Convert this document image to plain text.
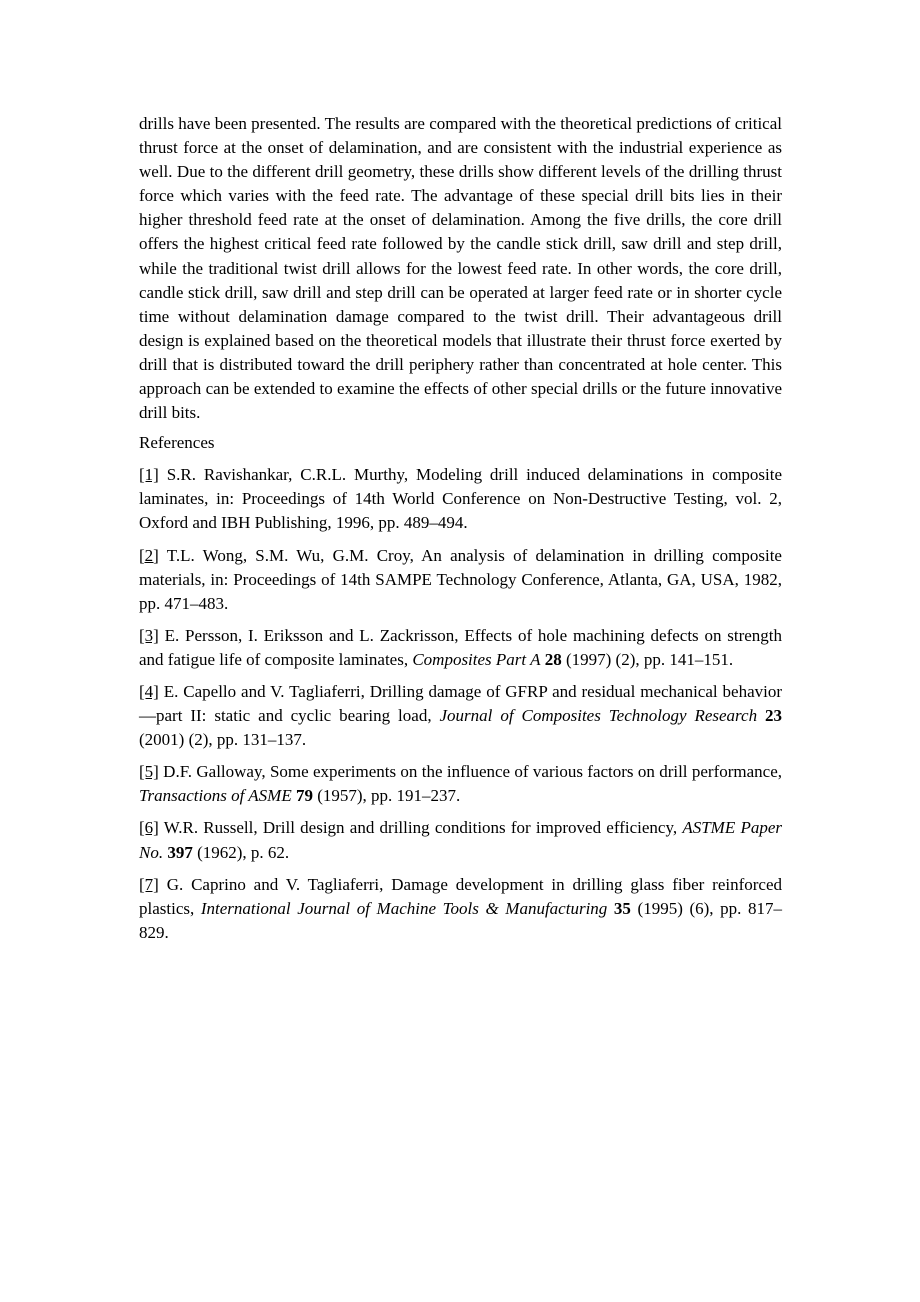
drills have been presented. The results are compared with the theoretical predictions of critical thrust force at the onset of delamination, and are consistent with the industrial experience as well. Due to the different drill geometry, these drills show different levels of the drilling thrust force which varies with the feed rate. The advantage of these special drill bits lies in their higher threshold feed rate at the onset of delamination. Among the five drills, the core drill offers the highest critical feed rate followed by the candle stick drill, saw drill and step drill, while the traditional twist drill allows for the lowest feed rate. In other words, the core drill, candle stick drill, saw drill and step drill can be operated at larger feed rate or in shorter cycle time without delamination damage compared to the twist drill. Their advantageous drill design is explained based on the theoretical models that illustrate their thrust force exerted by drill that is distributed toward the drill periphery rather than concentrated at hole center. This approach can be extended to examine the effects of other special drills or the future innovative drill bits.

References

[1] S.R. Ravishankar, C.R.L. Murthy, Modeling drill induced delaminations in composite laminates, in: Proceedings of 14th World Conference on Non-Destructive Testing, vol. 2, Oxford and IBH Publishing, 1996, pp. 489–494.

[2] T.L. Wong, S.M. Wu, G.M. Croy, An analysis of delamination in drilling composite materials, in: Proceedings of 14th SAMPE Technology Conference, Atlanta, GA, USA, 1982, pp. 471–483.

[3] E. Persson, I. Eriksson and L. Zackrisson, Effects of hole machining defects on strength and fatigue life of composite laminates, Composites Part A 28 (1997) (2), pp. 141–151.

[4] E. Capello and V. Tagliaferri, Drilling damage of GFRP and residual mechanical behavior—part II: static and cyclic bearing load, Journal of Composites Technology Research 23 (2001) (2), pp. 131–137.

[5] D.F. Galloway, Some experiments on the influence of various factors on drill performance, Transactions of ASME 79 (1957), pp. 191–237.

[6] W.R. Russell, Drill design and drilling conditions for improved efficiency, ASTME Paper No. 397 (1962), p. 62.

[7] G. Caprino and V. Tagliaferri, Damage development in drilling glass fiber reinforced plastics, International Journal of Machine Tools & Manufacturing 35 (1995) (6), pp. 817–829.
